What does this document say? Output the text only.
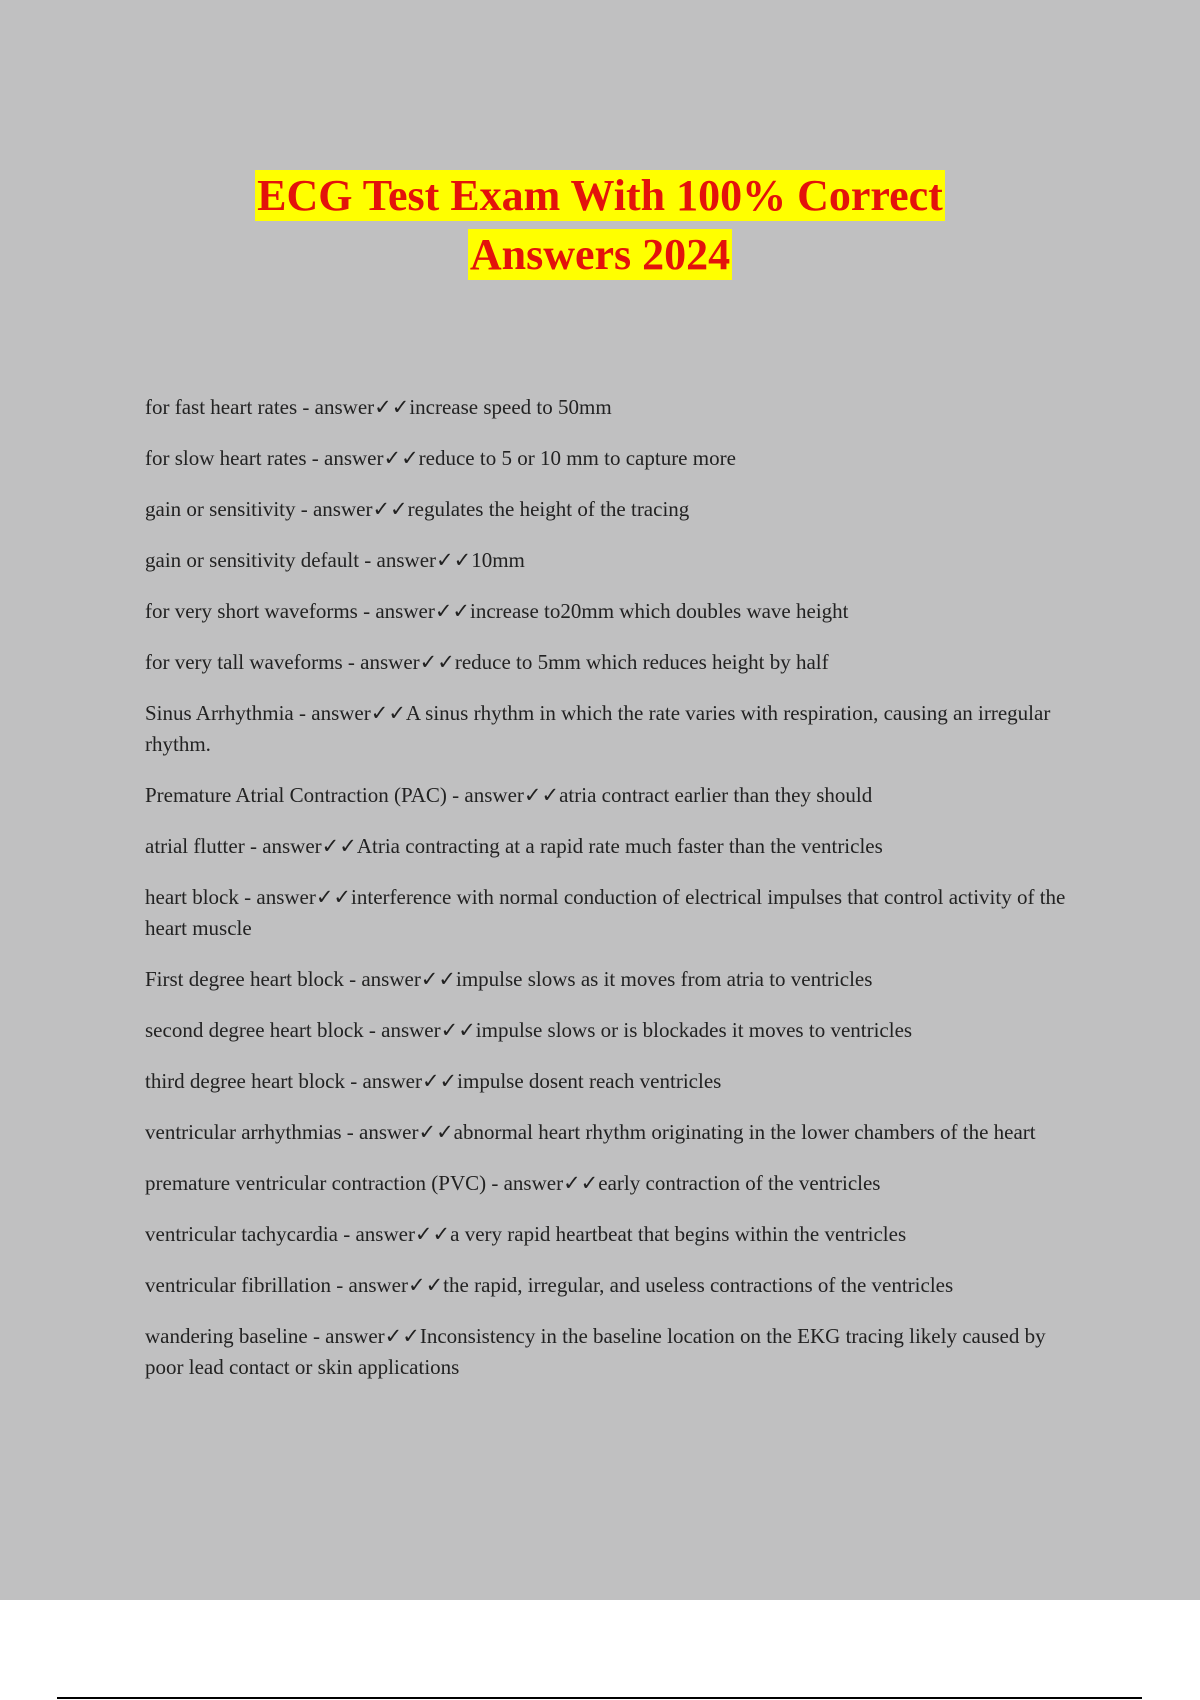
ECG Test Exam With 100% Correct
Answers 2024
for fast heart rates - answer✓✓increase speed to 50mm
for slow heart rates - answer✓✓reduce to 5 or 10 mm to capture more
gain or sensitivity - answer✓✓regulates the height of the tracing
gain or sensitivity default - answer✓✓10mm
for very short waveforms - answer✓✓increase to20mm which doubles wave height
for very tall waveforms - answer✓✓reduce to 5mm which reduces height by half
Sinus Arrhythmia - answer✓✓A sinus rhythm in which the rate varies with respiration, causing an irregular rhythm.
Premature Atrial Contraction (PAC) - answer✓✓atria contract earlier than they should
atrial flutter - answer✓✓Atria contracting at a rapid rate much faster than the ventricles
heart block - answer✓✓interference with normal conduction of electrical impulses that control activity of the heart muscle
First degree heart block - answer✓✓impulse slows as it moves from atria to ventricles
second degree heart block - answer✓✓impulse slows or is blockades it moves to ventricles
third degree heart block - answer✓✓impulse dosent reach ventricles
ventricular arrhythmias - answer✓✓abnormal heart rhythm originating in the lower chambers of the heart
premature ventricular contraction (PVC) - answer✓✓early contraction of the ventricles
ventricular tachycardia - answer✓✓a very rapid heartbeat that begins within the ventricles
ventricular fibrillation - answer✓✓the rapid, irregular, and useless contractions of the ventricles
wandering baseline - answer✓✓Inconsistency in the baseline location on the EKG tracing likely caused by poor lead contact or skin applications
